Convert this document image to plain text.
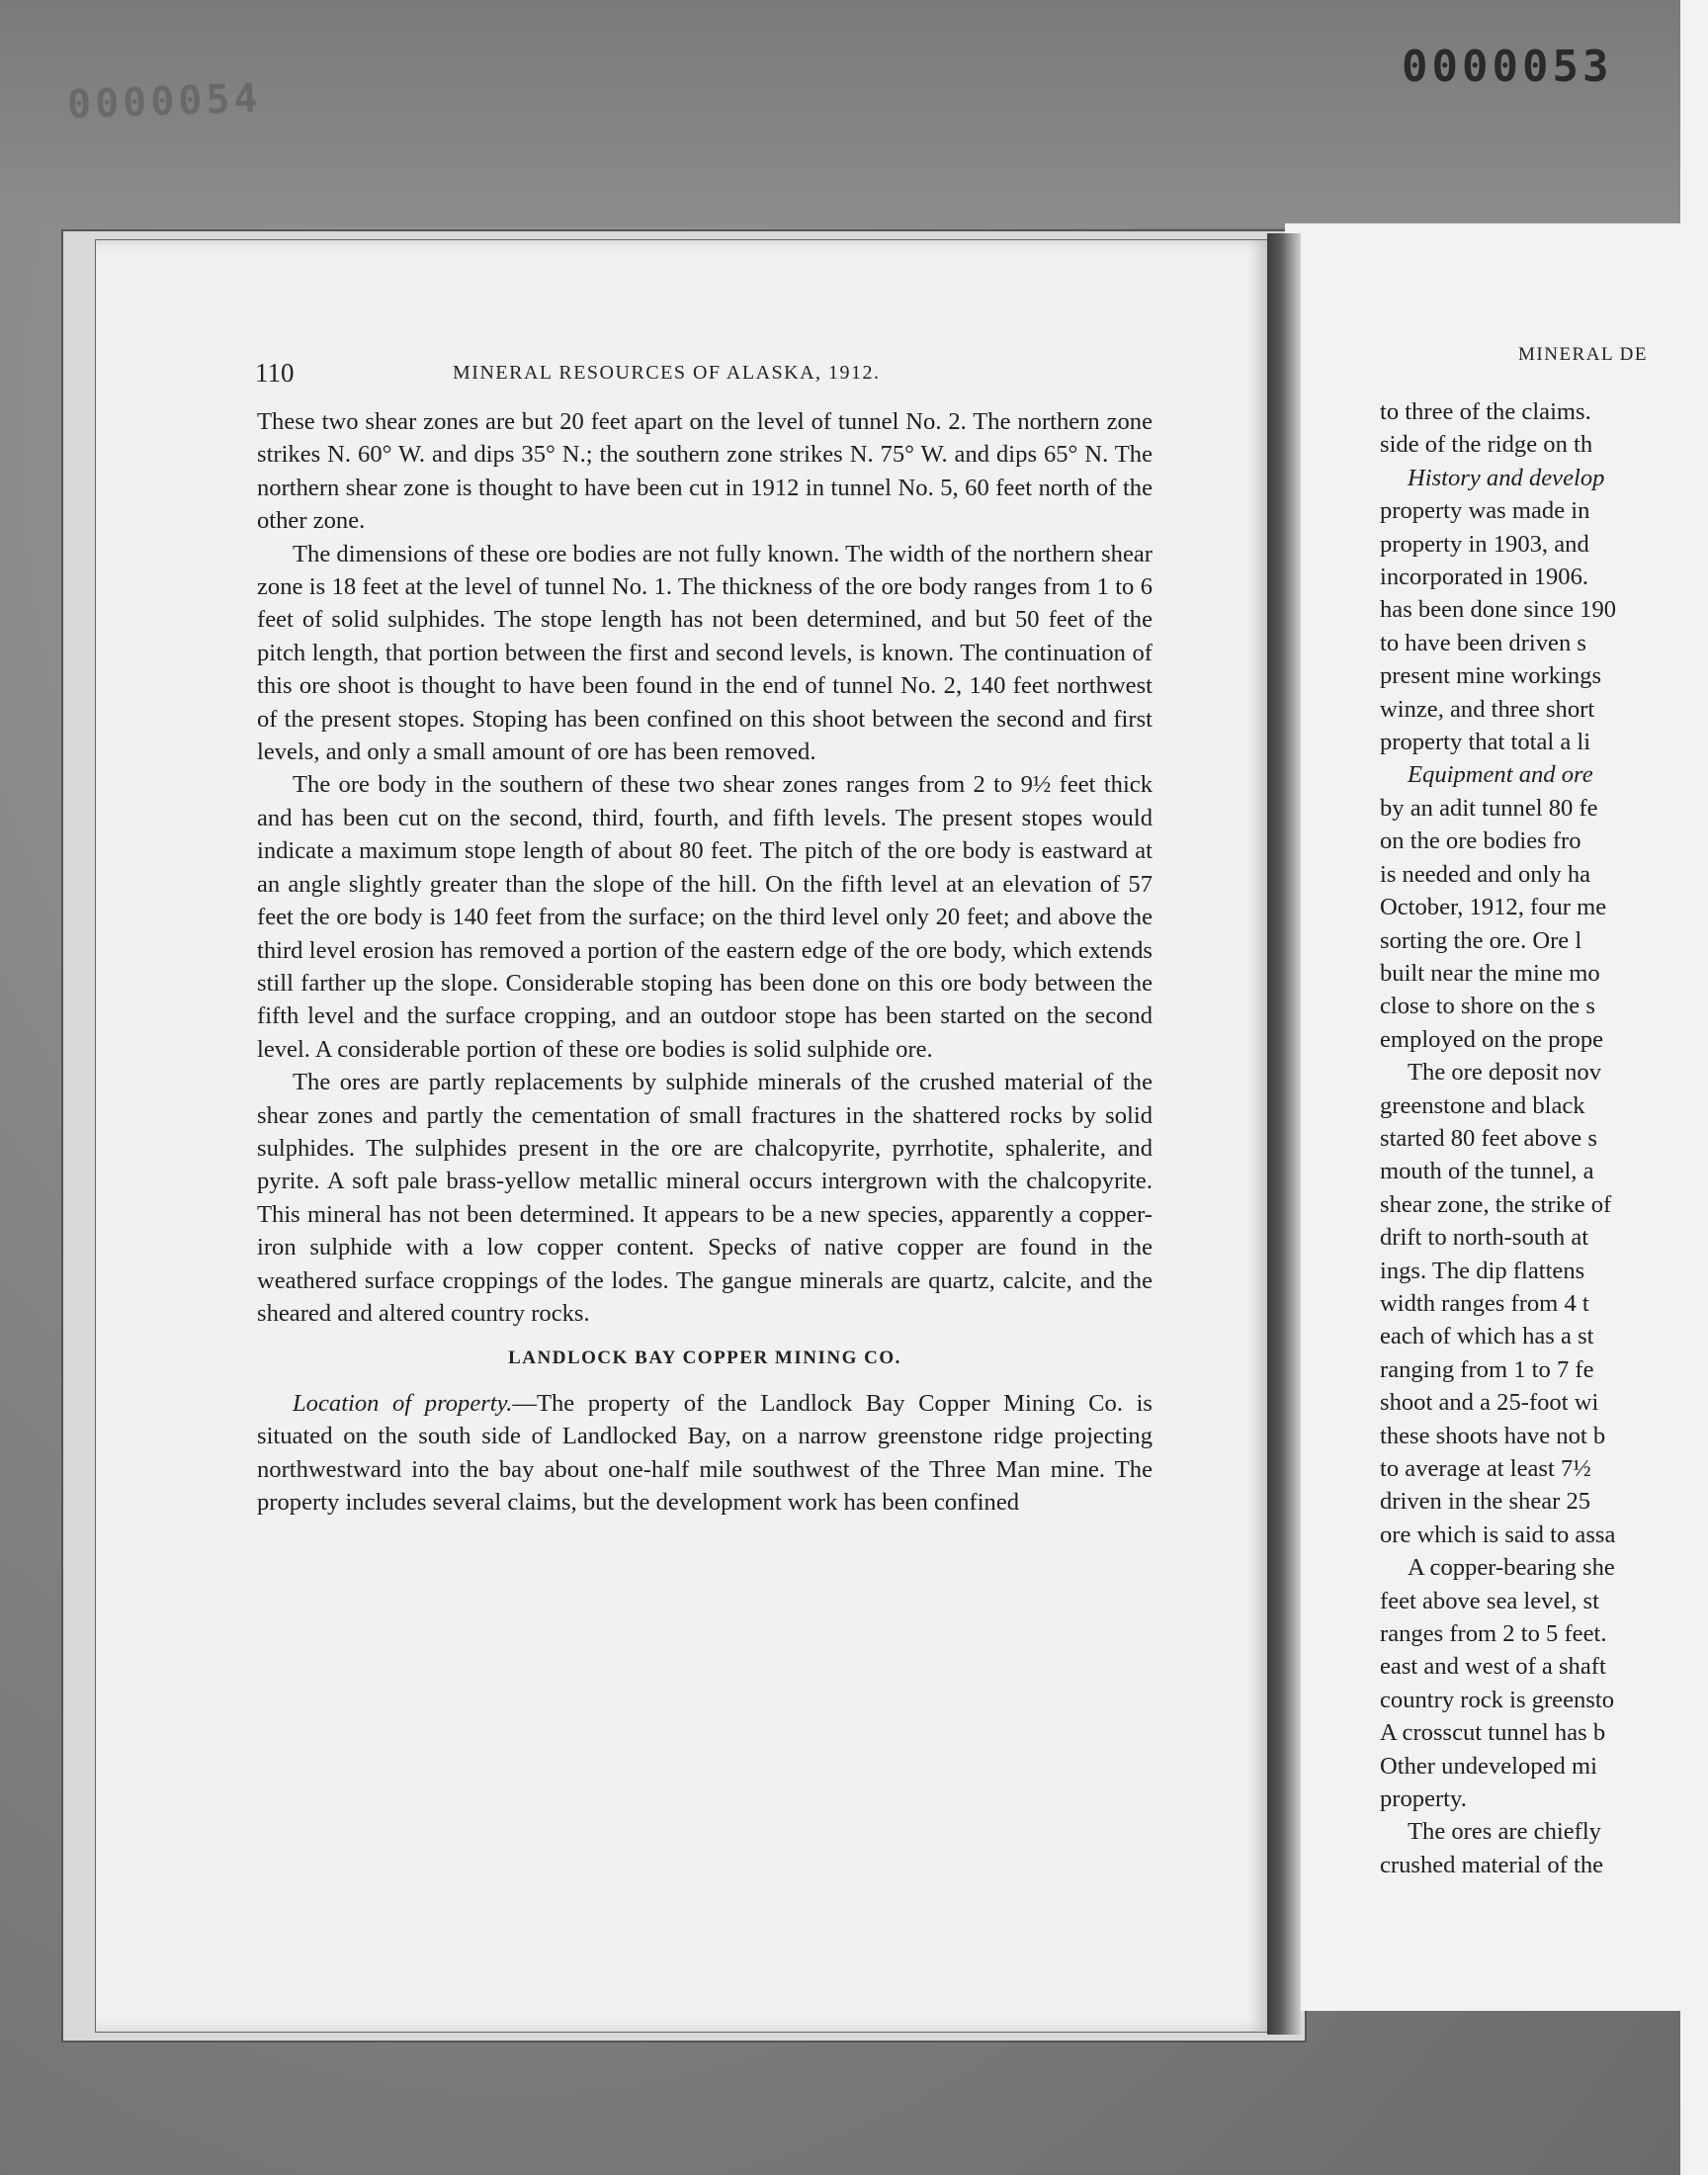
0000054
0000053
MINERAL DE
to three of the claims.
side of the ridge on th
History and develop
property was made in
property in 1903, and
incorporated in 1906.
has been done since 190
to have been driven s
present mine workings
winze, and three short
property that total a li
Equipment and ore
by an adit tunnel 80 fe
on the ore bodies fro
is needed and only ha
October, 1912, four me
sorting the ore. Ore l
built near the mine mo
close to shore on the s
employed on the prope
The ore deposit nov
greenstone and black
started 80 feet above s
mouth of the tunnel, a
shear zone, the strike of
drift to north-south at
ings. The dip flattens
width ranges from 4 t
each of which has a st
ranging from 1 to 7 fe
shoot and a 25-foot wi
these shoots have not b
to average at least 7½
driven in the shear 25
ore which is said to assa
A copper-bearing she
feet above sea level, st
ranges from 2 to 5 feet.
east and west of a shaft
country rock is greensto
A crosscut tunnel has b
Other undeveloped mi
property.
The ores are chiefly
crushed material of the
110	MINERAL RESOURCES OF ALASKA, 1912.

These two shear zones are but 20 feet apart on the level of tunnel No. 2. The northern zone strikes N. 60° W. and dips 35° N.; the southern zone strikes N. 75° W. and dips 65° N. The northern shear zone is thought to have been cut in 1912 in tunnel No. 5, 60 feet north of the other zone.

The dimensions of these ore bodies are not fully known. The width of the northern shear zone is 18 feet at the level of tunnel No. 1. The thickness of the ore body ranges from 1 to 6 feet of solid sulphides. The stope length has not been determined, and but 50 feet of the pitch length, that portion between the first and second levels, is known. The continuation of this ore shoot is thought to have been found in the end of tunnel No. 2, 140 feet northwest of the present stopes. Stoping has been confined on this shoot between the second and first levels, and only a small amount of ore has been removed.

The ore body in the southern of these two shear zones ranges from 2 to 9½ feet thick and has been cut on the second, third, fourth, and fifth levels. The present stopes would indicate a maximum stope length of about 80 feet. The pitch of the ore body is eastward at an angle slightly greater than the slope of the hill. On the fifth level at an elevation of 57 feet the ore body is 140 feet from the surface; on the third level only 20 feet; and above the third level erosion has removed a portion of the eastern edge of the ore body, which extends still farther up the slope. Considerable stoping has been done on this ore body between the fifth level and the surface cropping, and an outdoor stope has been started on the second level. A considerable portion of these ore bodies is solid sulphide ore.

The ores are partly replacements by sulphide minerals of the crushed material of the shear zones and partly the cementation of small fractures in the shattered rocks by solid sulphides. The sulphides present in the ore are chalcopyrite, pyrrhotite, sphalerite, and pyrite. A soft pale brass-yellow metallic mineral occurs intergrown with the chalcopyrite. This mineral has not been determined. It appears to be a new species, apparently a copper-iron sulphide with a low copper content. Specks of native copper are found in the weathered surface croppings of the lodes. The gangue minerals are quartz, calcite, and the sheared and altered country rocks.

LANDLOCK BAY COPPER MINING CO.

Location of property.—The property of the Landlock Bay Copper Mining Co. is situated on the south side of Landlocked Bay, on a narrow greenstone ridge projecting northwestward into the bay about one-half mile southwest of the Three Man mine. The property includes several claims, but the development work has been confined
